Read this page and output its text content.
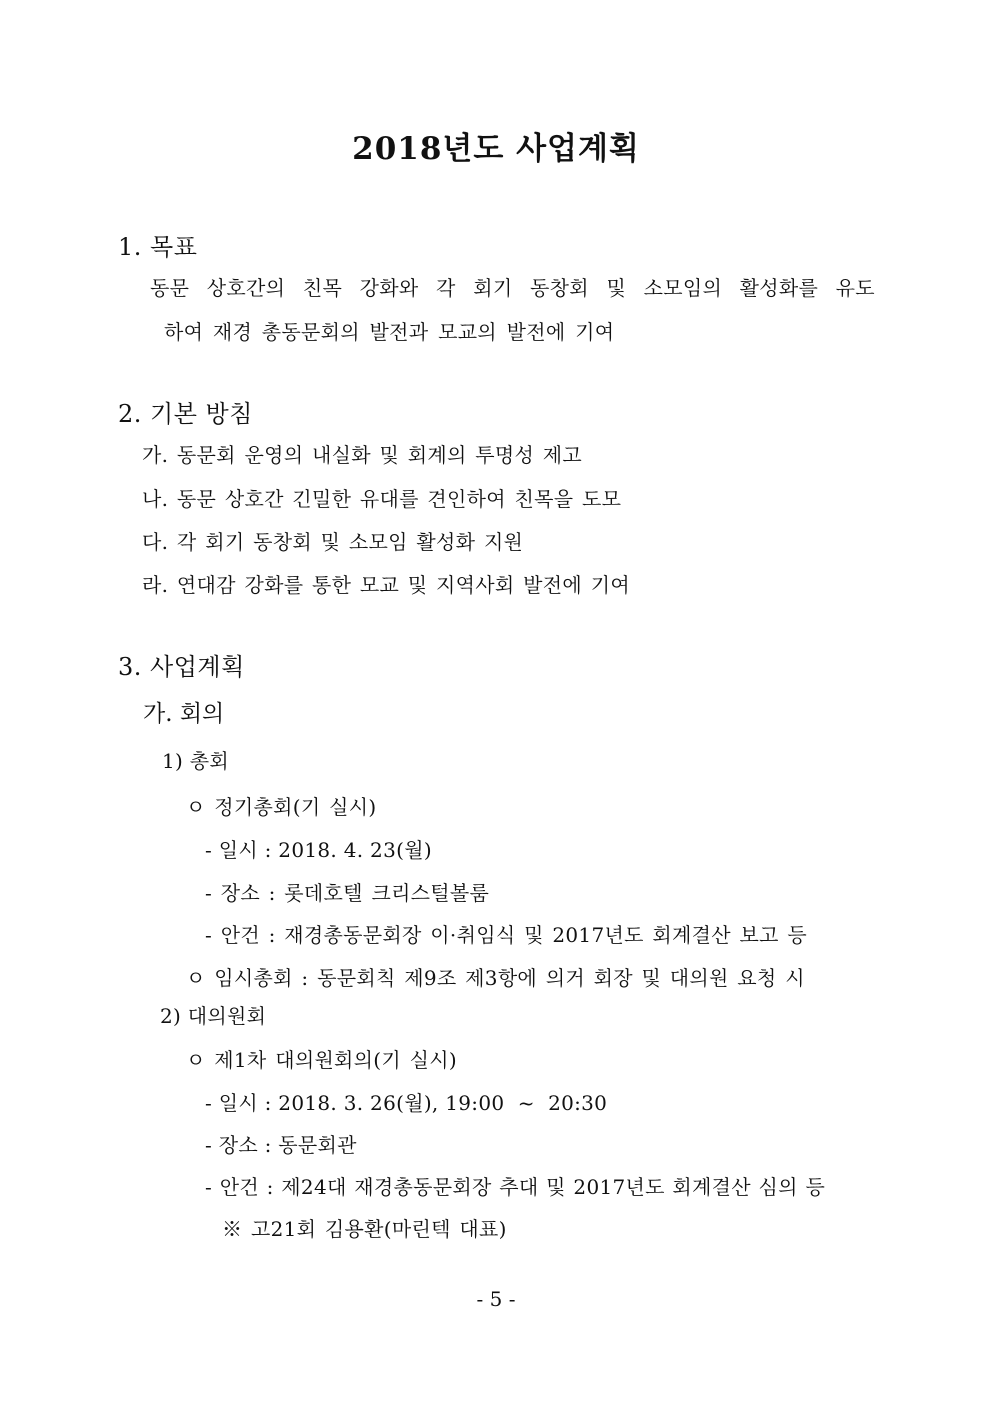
2018년도 사업계획
1. 목표
동문 상호간의 친목 강화와 각 회기 동창회 및 소모임의 활성화를 유도
하여 재경 총동문회의 발전과 모교의 발전에 기여
2. 기본 방침
가. 동문회 운영의 내실화 및 회계의 투명성 제고
나. 동문 상호간 긴밀한 유대를 견인하여 친목을 도모
다. 각 회기 동창회 및 소모임 활성화 지원
라. 연대감 강화를 통한 모교 및 지역사회 발전에 기여
3. 사업계획
가. 회의
1) 총회
ㅇ 정기총회(기 실시)
- 일시 : 2018. 4. 23(월)
- 장소 : 롯데호텔 크리스털볼룸
- 안건 : 재경총동문회장 이·취임식 및 2017년도 회계결산 보고 등
ㅇ 임시총회 : 동문회칙 제9조 제3항에 의거 회장 및 대의원 요청 시
2) 대의원회
ㅇ 제1차 대의원회의(기 실시)
- 일시 : 2018. 3. 26(월), 19:00  ~  20:30
- 장소 : 동문회관
- 안건 : 제24대 재경총동문회장 추대 및 2017년도 회계결산 심의 등
※ 고21회 김용환(마린텍 대표)
- 5 -
